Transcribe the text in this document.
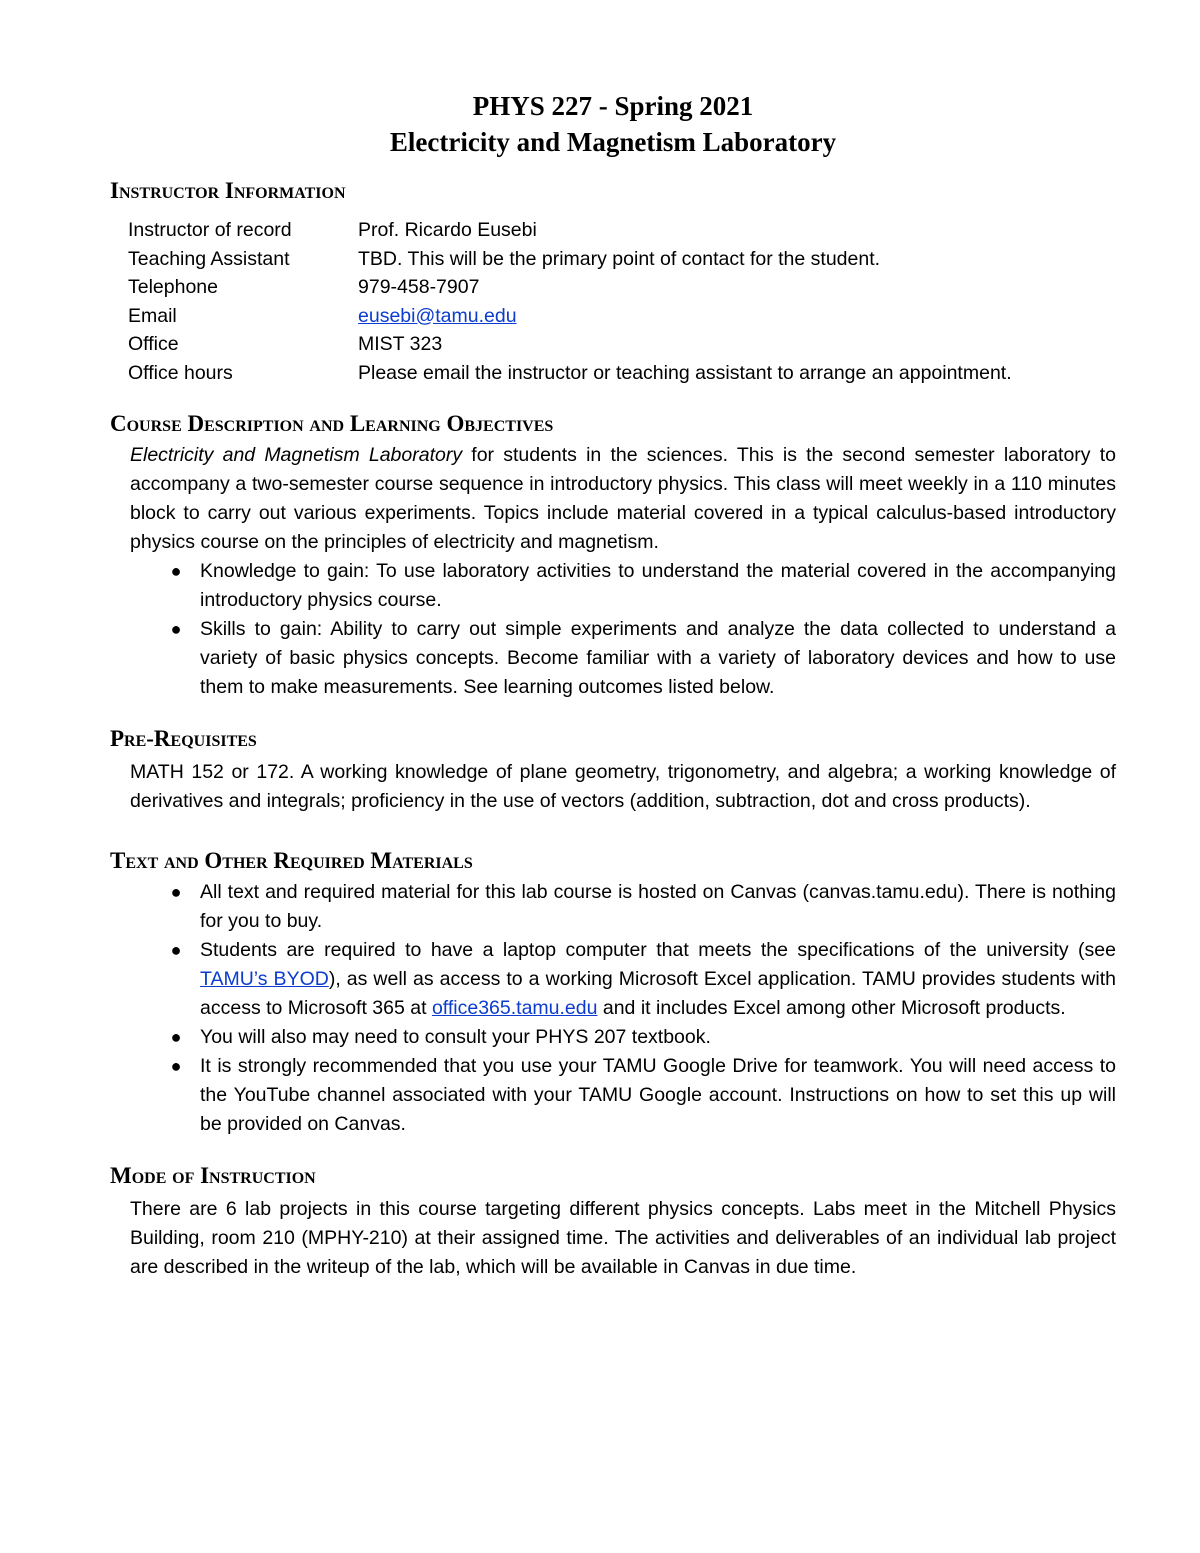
PHYS 227 - Spring 2021
Electricity and Magnetism Laboratory
Instructor Information
Instructor of record	Prof. Ricardo Eusebi
Teaching Assistant	TBD. This will be the primary point of contact for the student.
Telephone	979-458-7907
Email	eusebi@tamu.edu
Office	MIST 323
Office hours	Please email the instructor or teaching assistant to arrange an appointment.
Course Description and Learning Objectives

Electricity and Magnetism Laboratory for students in the sciences. This is the second semester laboratory to accompany a two-semester course sequence in introductory physics. This class will meet weekly in a 110 minutes block to carry out various experiments. Topics include material covered in a typical calculus-based introductory physics course on the principles of electricity and magnetism.

● Knowledge to gain: To use laboratory activities to understand the material covered in the accompanying introductory physics course.
● Skills to gain: Ability to carry out simple experiments and analyze the data collected to understand a variety of basic physics concepts. Become familiar with a variety of laboratory devices and how to use them to make measurements. See learning outcomes listed below.
Pre-Requisites

MATH 152 or 172. A working knowledge of plane geometry, trigonometry, and algebra; a working knowledge of derivatives and integrals; proficiency in the use of vectors (addition, subtraction, dot and cross products).

Text and Other Required Materials
● All text and required material for this lab course is hosted on Canvas (canvas.tamu.edu). There is nothing for you to buy.
● Students are required to have a laptop computer that meets the specifications of the university (see TAMU’s BYOD), as well as access to a working Microsoft Excel application. TAMU provides students with access to Microsoft 365 at office365.tamu.edu and it includes Excel among other Microsoft products.
● You will also may need to consult your PHYS 207 textbook.
● It is strongly recommended that you use your TAMU Google Drive for teamwork. You will need access to the YouTube channel associated with your TAMU Google account. Instructions on how to set this up will be provided on Canvas.
Mode of Instruction

There are 6 lab projects in this course targeting different physics concepts. Labs meet in the Mitchell Physics Building, room 210 (MPHY-210) at their assigned time. The activities and deliverables of an individual lab project are described in the writeup of the lab, which will be available in Canvas in due time.
